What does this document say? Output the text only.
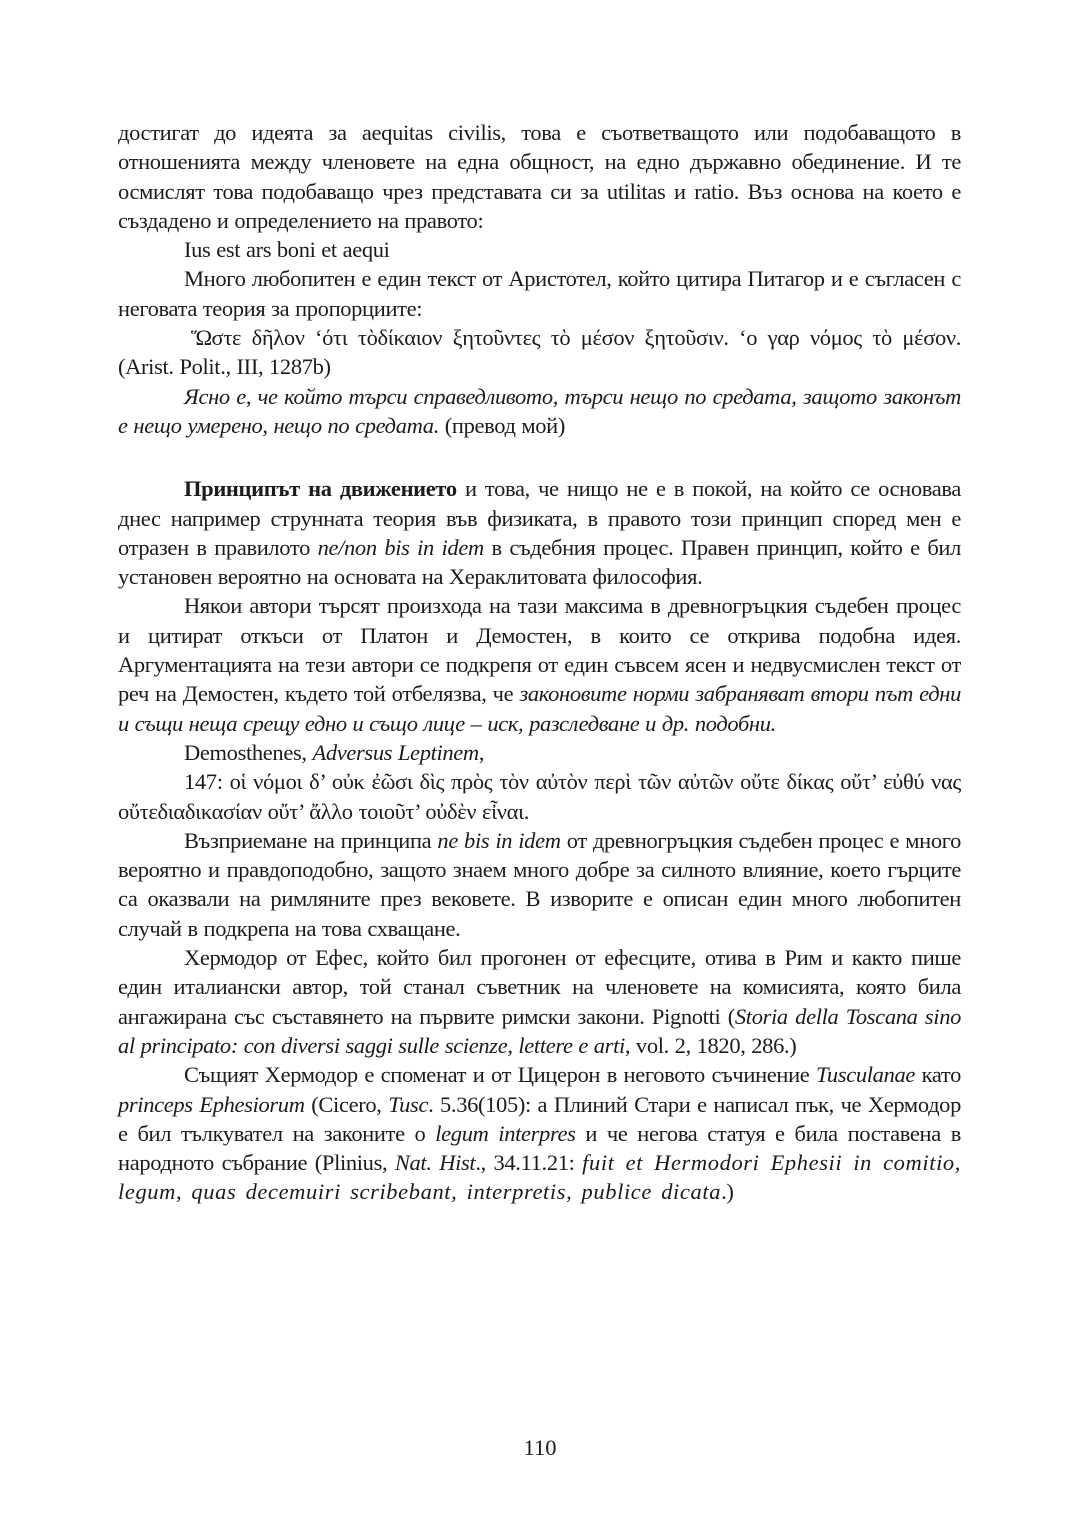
достигат до идеята за aequitas civilis, това е съответващото или подобаващото в отношенията между членовете на една общност, на едно държавно обединение. И те осмислят това подобаващо чрез представата си за utilitas и ratio. Въз основа на което е създадено и определението на правото:

Ius est ars boni et aequi

Много любопитен е един текст от Аристотел, който цитира Питагор и е съгласен с неговата теория за пропорциите:

Ὥστε δῆλον ‘ότι τὸδίκαιον ξητοῦντες τὸ μέσον ξητοῦσιν. ‘ο γαρ νόμος τὸ μέσον. (Arist. Polit., III, 1287b)

Ясно е, че който търси справедливото, търси нещо по средата, защото законът е нещо умерено, нещо по средата. (превод мой)

Принципът на движението и това, че нищо не е в покой, на който се основава днес например струнната теория във физиката, в правото този принцип според мен е отразен в правилото ne/non bis in idem в съдебния процес. Правен принцип, който е бил установен вероятно на основата на Хераклитовата философия.

Някои автори търсят произхода на тази максима в древногръцкия съдебен процес и цитират откъси от Платон и Демостен, в които се открива подобна идея. Аргументацията на тези автори се подкрепя от един съвсем ясен и недвусмислен текст от реч на Демостен, където той отбелязва, че законовите норми забраняват втори път едни и същи неща срещу едно и също лице – иск, разследване и др. подобни.

Demosthenes, Adversus Leptinem,

147: οἱ νόμοι δ’ οὐκ ἐῶσι δὶς πρὸς τὸν αὐτὸν περὶ τῶν αὐτῶν οὔτε δίκας οὔτ’ εὐθύ νας οὔτεδιαδικασίαν οὔτ’ ἄλλο τοιοῦτ’ οὐδὲν εἶναι.

Възприемане на принципа ne bis in idem от древногръцкия съдебен процес е много вероятно и правдоподобно, защото знаем много добре за силното влияние, което гърците са оказвали на римляните през вековете. В изворите е описан един много любопитен случай в подкрепа на това схващане.

Хермодор от Ефес, който бил прогонен от ефесците, отива в Рим и както пише един италиански автор, той станал съветник на членовете на комисията, която била ангажирана със съставянето на първите римски закони. Pignotti (Storia della Toscana sino al principato: con diversi saggi sulle scienze, lettere e arti, vol. 2, 1820, 286.)

Същият Хермодор е споменат и от Цицерон в неговото съчинение Tusculanae като princeps Ephesiorum (Cicero, Tusc. 5.36(105): а Плиний Стари е написал пък, че Хермодор е бил тълкувател на законите о legum interpres и че негова статуя е била поставена в народното събрание (Plinius, Nat. Hist., 34.11.21: fuit et Hermodori Ephesii in comitio, legum, quas decemuiri scribebant, interpretis, publice dicata.)

110
